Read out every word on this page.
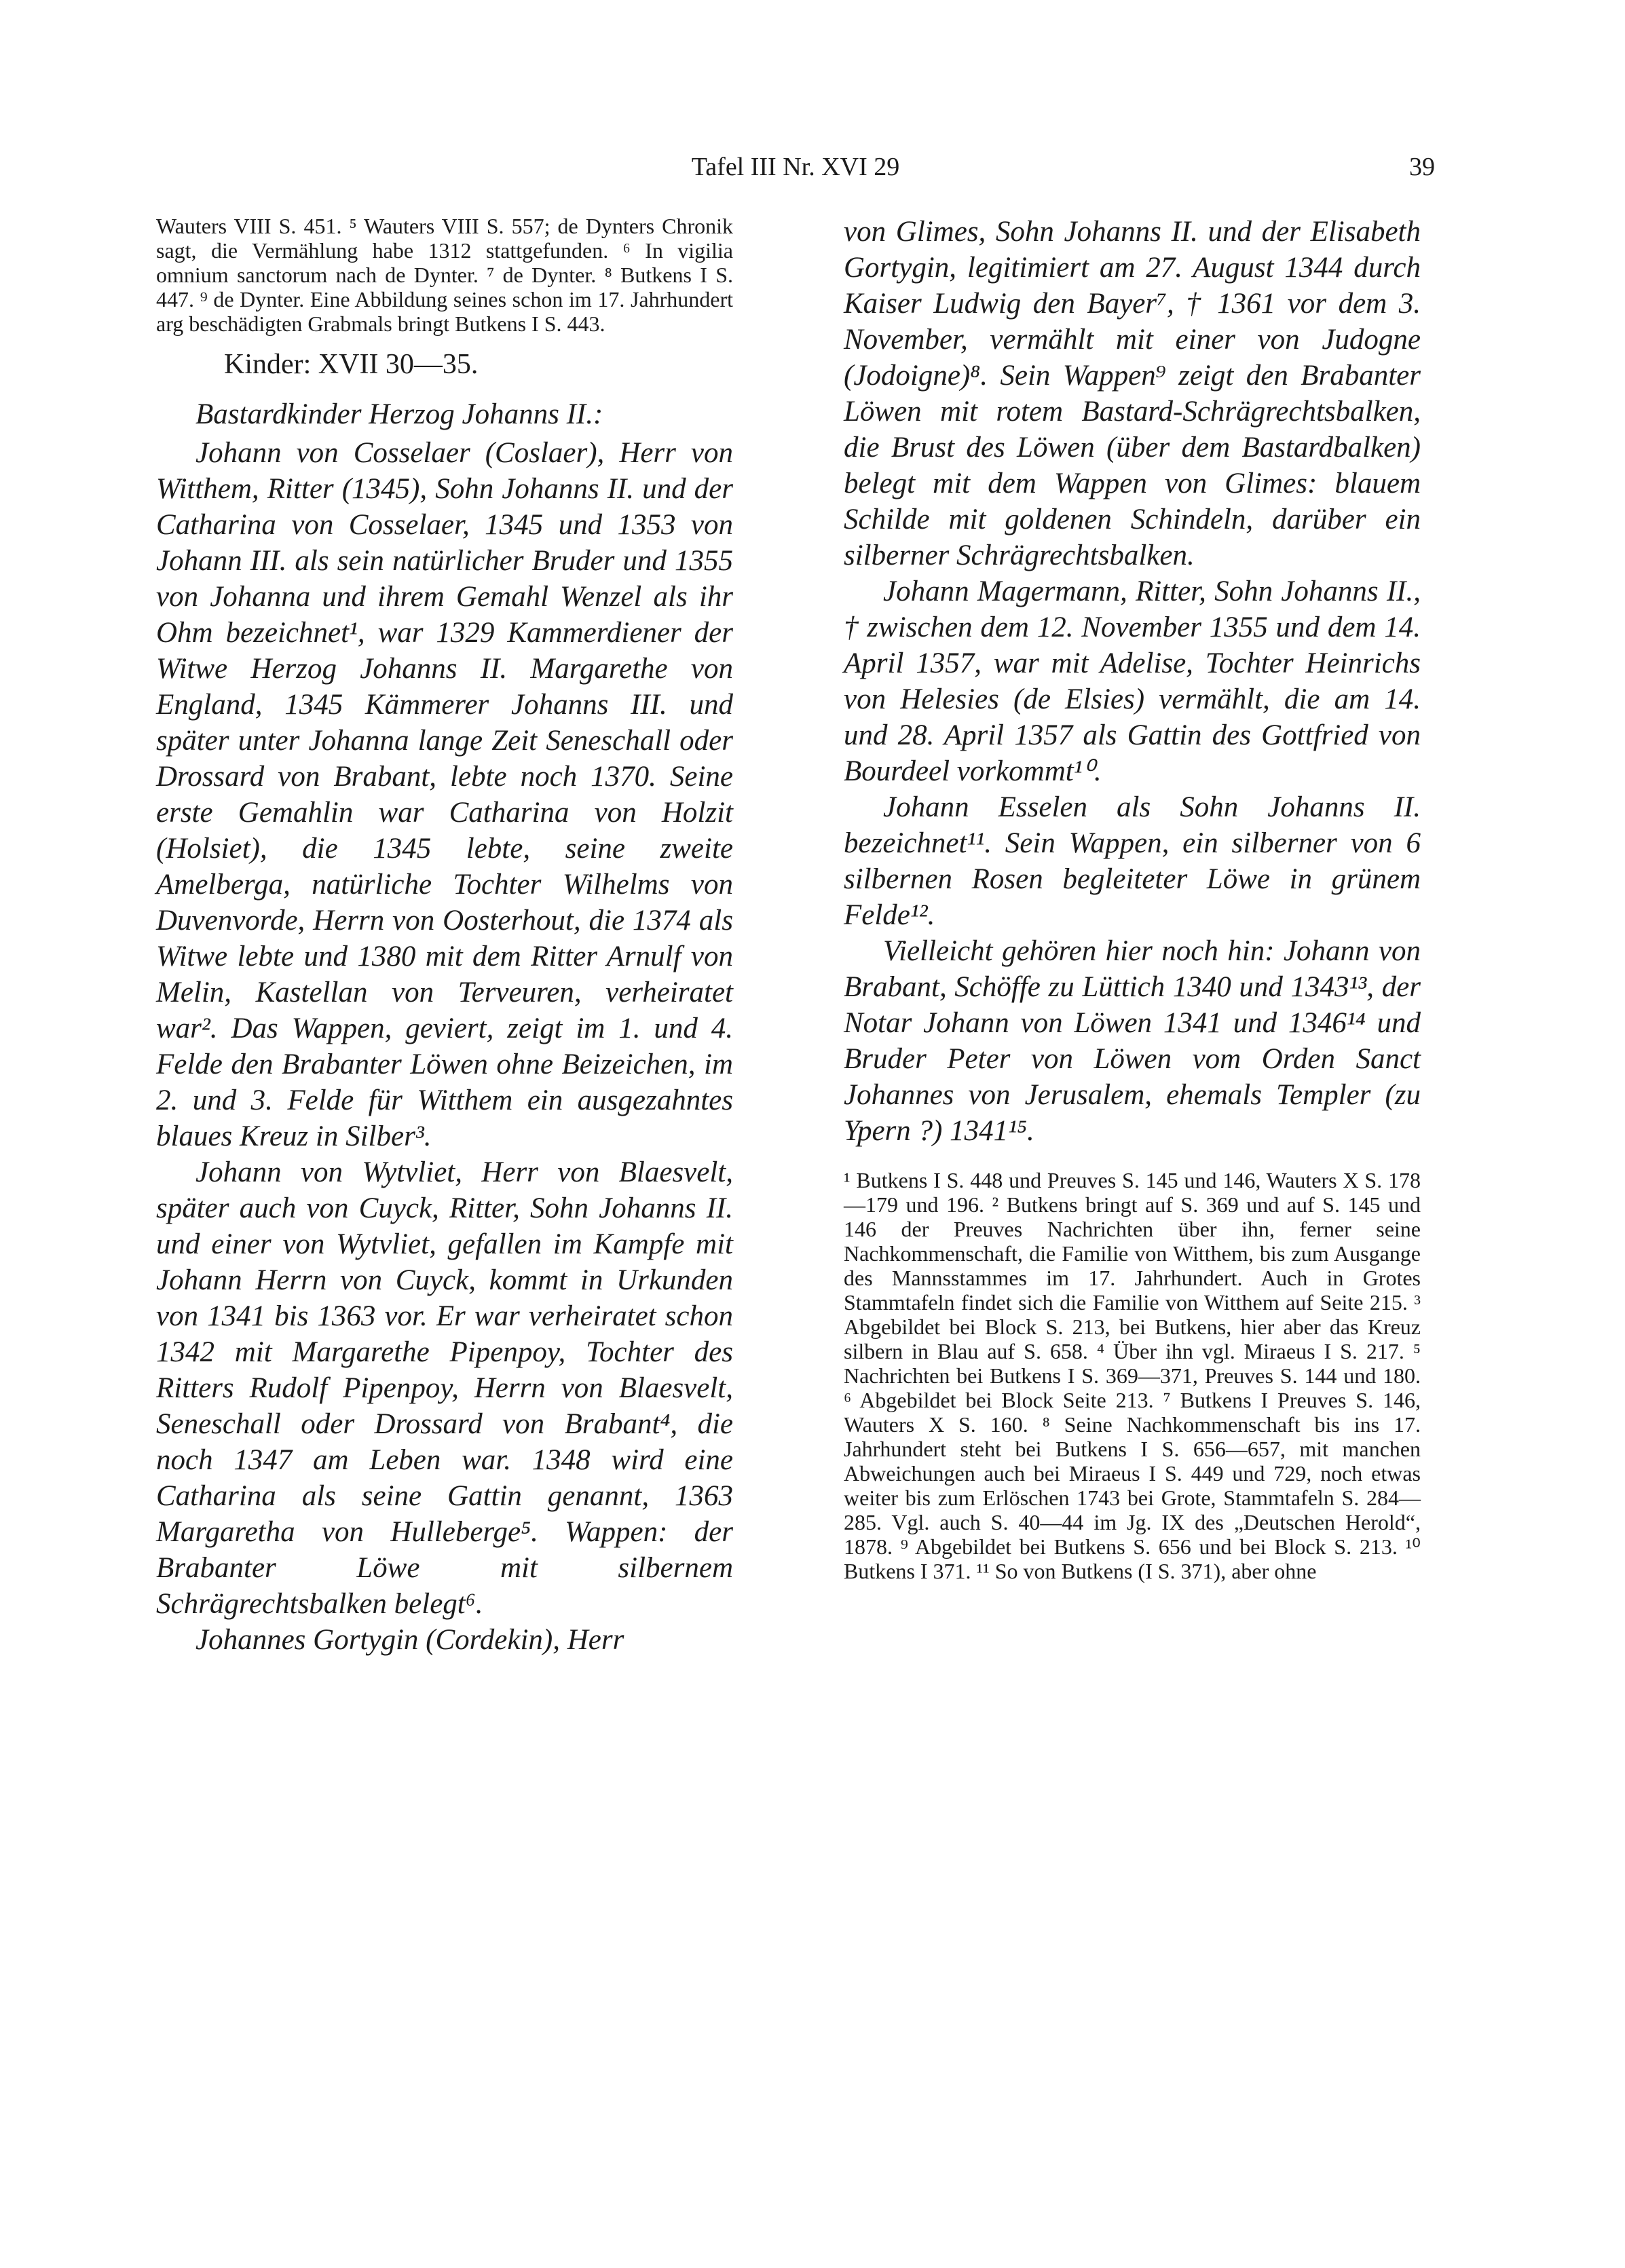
Tafel III Nr. XVI 29	39

Wauters VIII S. 451. ⁵ Wauters VIII S. 557; de Dynters Chronik sagt, die Vermählung habe 1312 stattgefunden. ⁶ In vigilia omnium sanctorum nach de Dynter. ⁷ de Dynter. ⁸ Butkens I S. 447. ⁹ de Dynter. Eine Abbildung seines schon im 17. Jahrhundert arg beschädigten Grabmals bringt Butkens I S. 443.

Kinder: XVII 30—35.
Bastardkinder Herzog Johanns II.:

Johann von Cosselaer (Coslaer), Herr von Witthem, Ritter (1345), Sohn Johanns II. und der Catharina von Cosselaer, 1345 und 1353 von Johann III. als sein natürlicher Bruder und 1355 von Johanna und ihrem Gemahl Wenzel als ihr Ohm bezeichnet¹, war 1329 Kammerdiener der Witwe Herzog Johanns II. Margarethe von England, 1345 Kämmerer Johanns III. und später unter Johanna lange Zeit Seneschall oder Drossard von Brabant, lebte noch 1370. Seine erste Gemahlin war Catharina von Holzit (Holsiet), die 1345 lebte, seine zweite Amelberga, natürliche Tochter Wilhelms von Duvenvorde, Herrn von Oosterhout, die 1374 als Witwe lebte und 1380 mit dem Ritter Arnulf von Melin, Kastellan von Terveuren, verheiratet war². Das Wappen, geviert, zeigt im 1. und 4. Felde den Brabanter Löwen ohne Beizeichen, im 2. und 3. Felde für Witthem ein ausgezahntes blaues Kreuz in Silber³.

Johann von Wytvliet, Herr von Blaesvelt, später auch von Cuyck, Ritter, Sohn Johanns II. und einer von Wytvliet, gefallen im Kampfe mit Johann Herrn von Cuyck, kommt in Urkunden von 1341 bis 1363 vor. Er war verheiratet schon 1342 mit Margarethe Pipenpoy, Tochter des Ritters Rudolf Pipenpoy, Herrn von Blaesvelt, Seneschall oder Drossard von Brabant⁴, die noch 1347 am Leben war. 1348 wird eine Catharina als seine Gattin genannt, 1363 Margaretha von Hulleberge⁵. Wappen: der Brabanter Löwe mit silbernem Schrägrechtsbalken belegt⁶.

Johannes Gortygin (Cordekin), Herr

von Glimes, Sohn Johanns II. und der Elisabeth Gortygin, legitimiert am 27. August 1344 durch Kaiser Ludwig den Bayer⁷, † 1361 vor dem 3. November, vermählt mit einer von Judogne (Jodoigne)⁸. Sein Wappen⁹ zeigt den Brabanter Löwen mit rotem Bastard-Schrägrechtsbalken, die Brust des Löwen (über dem Bastardbalken) belegt mit dem Wappen von Glimes: blauem Schilde mit goldenen Schindeln, darüber ein silberner Schrägrechtsbalken.

Johann Magermann, Ritter, Sohn Johanns II., † zwischen dem 12. November 1355 und dem 14. April 1357, war mit Adelise, Tochter Heinrichs von Helesies (de Elsies) vermählt, die am 14. und 28. April 1357 als Gattin des Gottfried von Bourdeel vorkommt¹⁰.

Johann Esselen als Sohn Johanns II. bezeichnet¹¹. Sein Wappen, ein silberner von 6 silbernen Rosen begleiteter Löwe in grünem Felde¹².

Vielleicht gehören hier noch hin: Johann von Brabant, Schöffe zu Lüttich 1340 und 1343¹³, der Notar Johann von Löwen 1341 und 1346¹⁴ und Bruder Peter von Löwen vom Orden Sanct Johannes von Jerusalem, ehemals Templer (zu Ypern ?) 1341¹⁵.

¹ Butkens I S. 448 und Preuves S. 145 und 146, Wauters X S. 178—179 und 196. ² Butkens bringt auf S. 369 und auf S. 145 und 146 der Preuves Nachrichten über ihn, ferner seine Nachkommenschaft, die Familie von Witthem, bis zum Ausgange des Mannsstammes im 17. Jahrhundert. Auch in Grotes Stammtafeln findet sich die Familie von Witthem auf Seite 215. ³ Abgebildet bei Block S. 213, bei Butkens, hier aber das Kreuz silbern in Blau auf S. 658. ⁴ Über ihn vgl. Miraeus I S. 217. ⁵ Nachrichten bei Butkens I S. 369—371, Preuves S. 144 und 180. ⁶ Abgebildet bei Block Seite 213. ⁷ Butkens I Preuves S. 146, Wauters X S. 160. ⁸ Seine Nachkommenschaft bis ins 17. Jahrhundert steht bei Butkens I S. 656—657, mit manchen Abweichungen auch bei Miraeus I S. 449 und 729, noch etwas weiter bis zum Erlöschen 1743 bei Grote, Stammtafeln S. 284—285. Vgl. auch S. 40—44 im Jg. IX des „Deutschen Herold“, 1878. ⁹ Abgebildet bei Butkens S. 656 und bei Block S. 213. ¹⁰ Butkens I 371. ¹¹ So von Butkens (I S. 371), aber ohne
